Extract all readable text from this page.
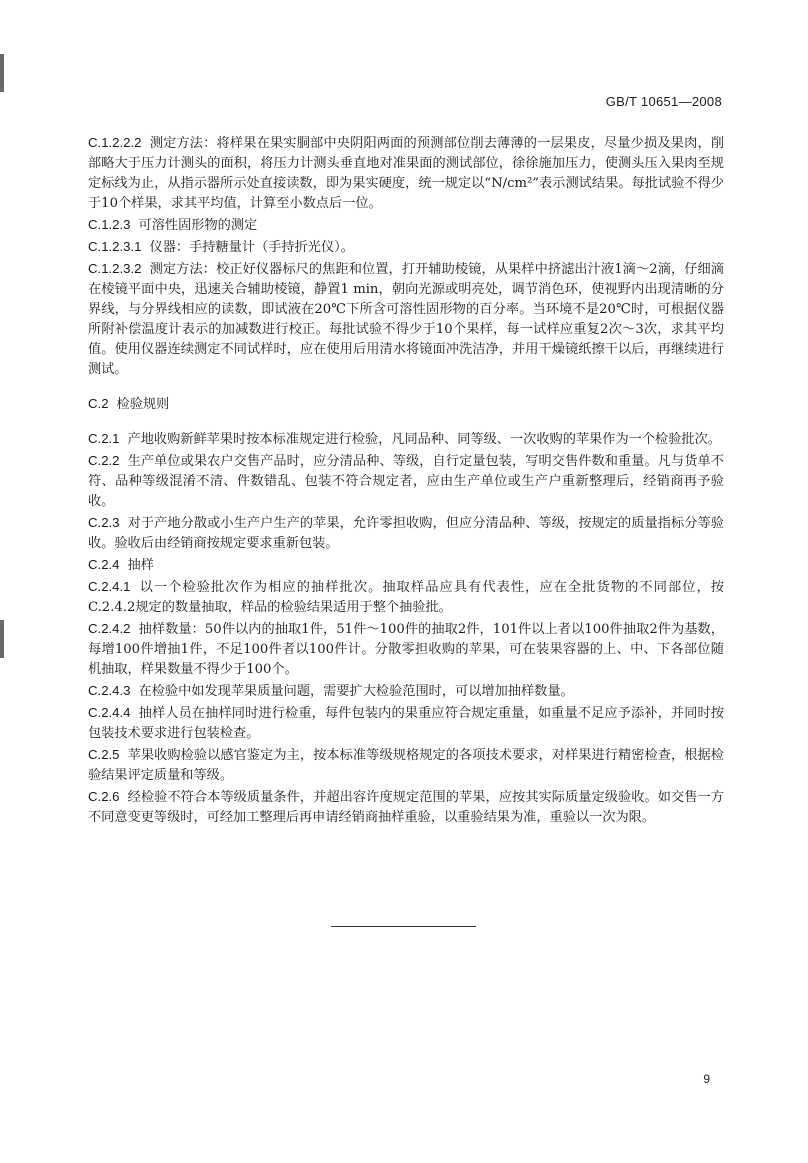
GB/T 10651—2008

C.1.2.2.2 测定方法：将样果在果实胴部中央阴阳两面的预测部位削去薄薄的一层果皮，尽量少损及果肉，削部略大于压力计测头的面积，将压力计测头垂直地对准果面的测试部位，徐徐施加压力，使测头压入果肉至规定标线为止，从指示器所示处直接读数，即为果实硬度，统一规定以“N/cm²”表示测试结果。每批试验不得少于10个样果，求其平均值，计算至小数点后一位。

C.1.2.3 可溶性固形物的测定

C.1.2.3.1 仪器：手持糖量计（手持折光仪）。

C.1.2.3.2 测定方法：校正好仪器标尺的焦距和位置，打开辅助棱镜，从果样中挤滤出汁液1滴～2滴，仔细滴在棱镜平面中央，迅速关合辅助棱镜，静置1 min，朝向光源或明亮处，调节消色环，使视野内出现清晰的分界线，与分界线相应的读数，即试液在20℃下所含可溶性固形物的百分率。当环境不是20℃时，可根据仪器所附补偿温度计表示的加减数进行校正。每批试验不得少于10个果样，每一试样应重复2次～3次，求其平均值。使用仪器连续测定不同试样时，应在使用后用清水将镜面冲洗洁净，并用干燥镜纸擦干以后，再继续进行测试。

C.2 检验规则

C.2.1 产地收购新鲜苹果时按本标准规定进行检验，凡同品种、同等级、一次收购的苹果作为一个检验批次。

C.2.2 生产单位或果农户交售产品时，应分清品种、等级，自行定量包装，写明交售件数和重量。凡与货单不符、品种等级混淆不清、件数错乱、包装不符合规定者，应由生产单位或生产户重新整理后，经销商再予验收。

C.2.3 对于产地分散或小生产户生产的苹果，允许零担收购，但应分清品种、等级，按规定的质量指标分等验收。验收后由经销商按规定要求重新包装。

C.2.4 抽样

C.2.4.1 以一个检验批次作为相应的抽样批次。抽取样品应具有代表性，应在全批货物的不同部位，按C.2.4.2规定的数量抽取，样品的检验结果适用于整个抽验批。

C.2.4.2 抽样数量：50件以内的抽取1件，51件～100件的抽取2件，101件以上者以100件抽取2件为基数，每增100件增抽1件，不足100件者以100件计。分散零担收购的苹果，可在装果容器的上、中、下各部位随机抽取，样果数量不得少于100个。

C.2.4.3 在检验中如发现苹果质量问题，需要扩大检验范围时，可以增加抽样数量。

C.2.4.4 抽样人员在抽样同时进行检重，每件包装内的果重应符合规定重量，如重量不足应予添补，并同时按包装技术要求进行包装检查。

C.2.5 苹果收购检验以感官鉴定为主，按本标准等级规格规定的各项技术要求，对样果进行精密检查，根据检验结果评定质量和等级。

C.2.6 经检验不符合本等级质量条件，并超出容许度规定范围的苹果，应按其实际质量定级验收。如交售一方不同意变更等级时，可经加工整理后再申请经销商抽样重验，以重验结果为准，重验以一次为限。

9
